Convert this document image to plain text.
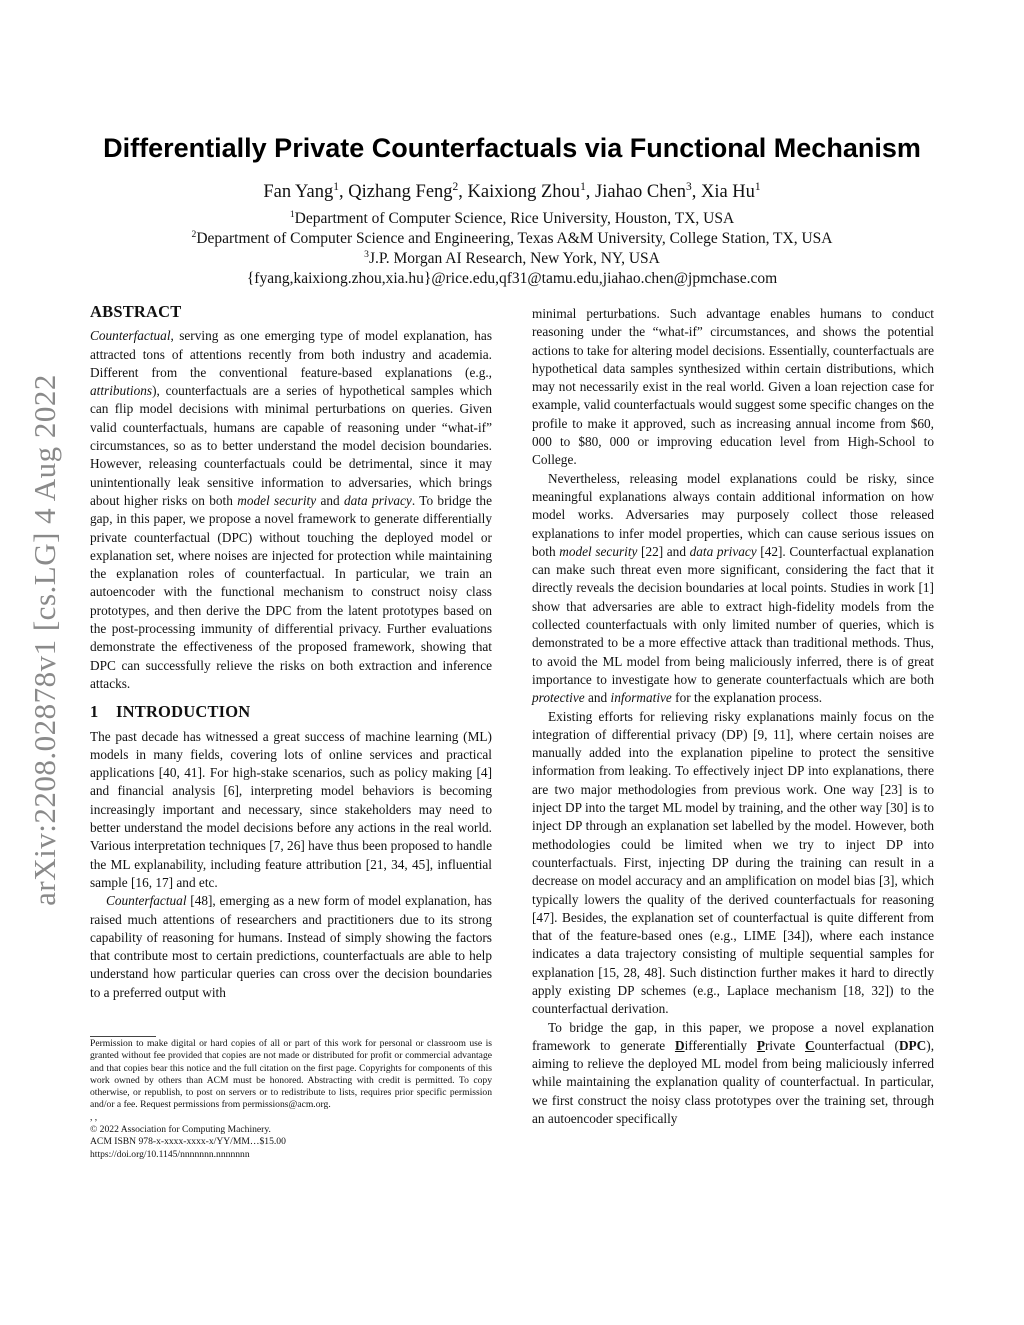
arXiv:2208.02878v1 [cs.LG] 4 Aug 2022
Differentially Private Counterfactuals via Functional Mechanism
Fan Yang$^1$, Qizhang Feng$^2$, Kaixiong Zhou$^1$, Jiahao Chen$^3$, Xia Hu$^1$
$^1$Department of Computer Science, Rice University, Houston, TX, USA
$^2$Department of Computer Science and Engineering, Texas A&M University, College Station, TX, USA
$^3$J.P. Morgan AI Research, New York, NY, USA
{fyang,kaixiong.zhou,xia.hu}@rice.edu,qf31@tamu.edu,jiahao.chen@jpmchase.com
ABSTRACT

Counterfactual, serving as one emerging type of model explanation, has attracted tons of attentions recently from both industry and academia. Different from the conventional feature-based explanations (e.g., attributions), counterfactuals are a series of hypothetical samples which can flip model decisions with minimal perturbations on queries. Given valid counterfactuals, humans are capable of reasoning under “what-if” circumstances, so as to better understand the model decision boundaries. However, releasing counterfactuals could be detrimental, since it may unintentionally leak sensitive information to adversaries, which brings about higher risks on both model security and data privacy. To bridge the gap, in this paper, we propose a novel framework to generate differentially private counterfactual (DPC) without touching the deployed model or explanation set, where noises are injected for protection while maintaining the explanation roles of counterfactual. In particular, we train an autoencoder with the functional mechanism to construct noisy class prototypes, and then derive the DPC from the latent prototypes based on the post-processing immunity of differential privacy. Further evaluations demonstrate the effectiveness of the proposed framework, showing that DPC can successfully relieve the risks on both extraction and inference attacks.

1 INTRODUCTION

The past decade has witnessed a great success of machine learning (ML) models in many fields, covering lots of online services and practical applications [40, 41]. For high-stake scenarios, such as policy making [4] and financial analysis [6], interpreting model behaviors is becoming increasingly important and necessary, since stakeholders may need to better understand the model decisions before any actions in the real world. Various interpretation techniques [7, 26] have thus been proposed to handle the ML explanability, including feature attribution [21, 34, 45], influential sample [16, 17] and etc.

Counterfactual [48], emerging as a new form of model explanation, has raised much attentions of researchers and practitioners due to its strong capability of reasoning for humans. Instead of simply showing the factors that contribute most to certain predictions, counterfactuals are able to help understand how particular queries can cross over the decision boundaries to a preferred output with

Permission to make digital or hard copies of all or part of this work for personal or classroom use is granted without fee provided that copies are not made or distributed for profit or commercial advantage and that copies bear this notice and the full citation on the first page. Copyrights for components of this work owned by others than ACM must be honored. Abstracting with credit is permitted. To copy otherwise, or republish, to post on servers or to redistribute to lists, requires prior specific permission and/or a fee. Request permissions from permissions@acm.org.

, ,

© 2022 Association for Computing Machinery.

ACM ISBN 978-x-xxxx-xxxx-x/YY/MM…$15.00

https://doi.org/10.1145/nnnnnnn.nnnnnnn

minimal perturbations. Such advantage enables humans to conduct reasoning under the “what-if” circumstances, and shows the potential actions to take for altering model decisions. Essentially, counterfactuals are hypothetical data samples synthesized within certain distributions, which may not necessarily exist in the real world. Given a loan rejection case for example, valid counterfactuals would suggest some specific changes on the profile to make it approved, such as increasing annual income from $60, 000 to $80, 000 or improving education level from High-School to College.

Nevertheless, releasing model explanations could be risky, since meaningful explanations always contain additional information on how model works. Adversaries may purposely collect those released explanations to infer model properties, which can cause serious issues on both model security [22] and data privacy [42]. Counterfactual explanation can make such threat even more significant, considering the fact that it directly reveals the decision boundaries at local points. Studies in work [1] show that adversaries are able to extract high-fidelity models from the collected counterfactuals with only limited number of queries, which is demonstrated to be a more effective attack than traditional methods. Thus, to avoid the ML model from being maliciously inferred, there is of great importance to investigate how to generate counterfactuals which are both protective and informative for the explanation process.

Existing efforts for relieving risky explanations mainly focus on the integration of differential privacy (DP) [9, 11], where certain noises are manually added into the explanation pipeline to protect the sensitive information from leaking. To effectively inject DP into explanations, there are two major methodologies from previous work. One way [23] is to inject DP into the target ML model by training, and the other way [30] is to inject DP through an explanation set labelled by the model. However, both methodologies could be limited when we try to inject DP into counterfactuals. First, injecting DP during the training can result in a decrease on model accuracy and an amplification on model bias [3], which typically lowers the quality of the derived counterfactuals for reasoning [47]. Besides, the explanation set of counterfactual is quite different from that of the feature-based ones (e.g., LIME [34]), where each instance indicates a data trajectory consisting of multiple sequential samples for explanation [15, 28, 48]. Such distinction further makes it hard to directly apply existing DP schemes (e.g., Laplace mechanism [18, 32]) to the counterfactual derivation.

To bridge the gap, in this paper, we propose a novel explanation framework to generate Differentially Private Counterfactual (DPC), aiming to relieve the deployed ML model from being maliciously inferred while maintaining the explanation quality of counterfactual. In particular, we first construct the noisy class prototypes over the training set, through an autoencoder specifically
